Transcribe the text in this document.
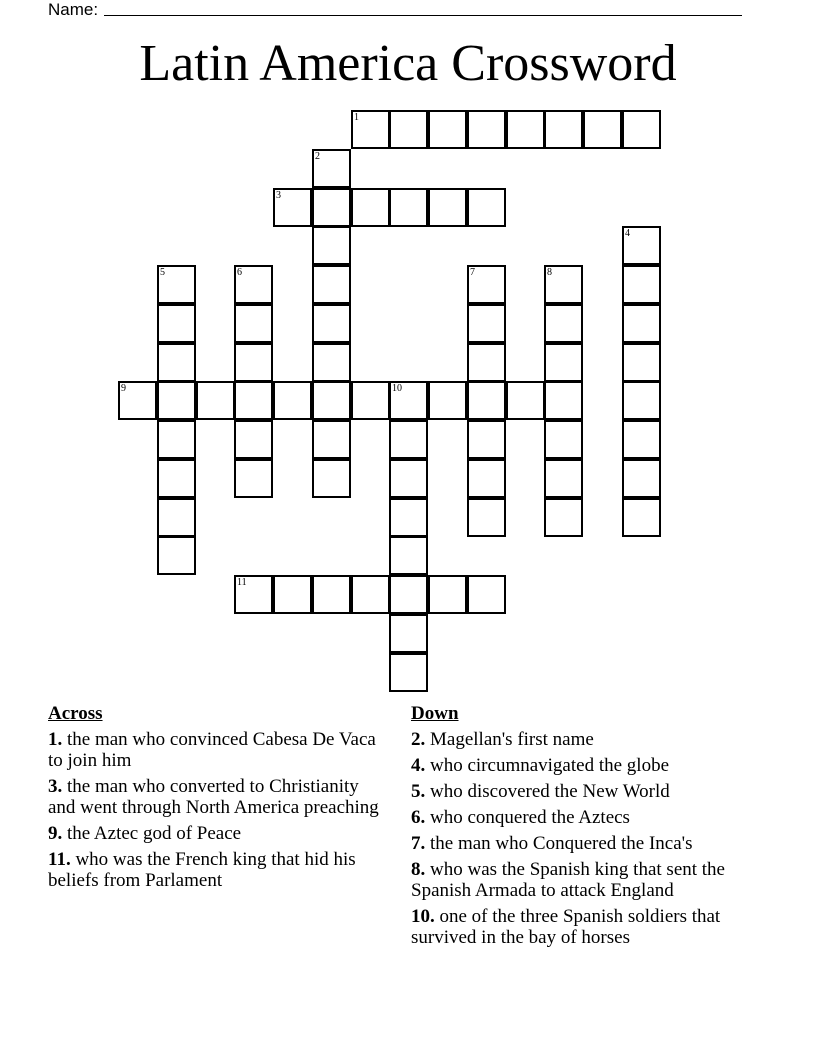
Name:
Latin America Crossword
1
2
3
4
5	6	7	8
9	10
11
Across
1. the man who convinced Cabesa De Vaca to join him
3. the man who converted to Christianity and went through North America preaching
9. the Aztec god of Peace
11. who was the French king that hid his beliefs from Parlament
Down
2. Magellan's first name
4. who circumnavigated the globe
5. who discovered the New World
6. who conquered the Aztecs
7. the man who Conquered the Inca's
8. who was the Spanish king that sent the Spanish Armada to attack England
10. one of the three Spanish soldiers that survived in the bay of horses
